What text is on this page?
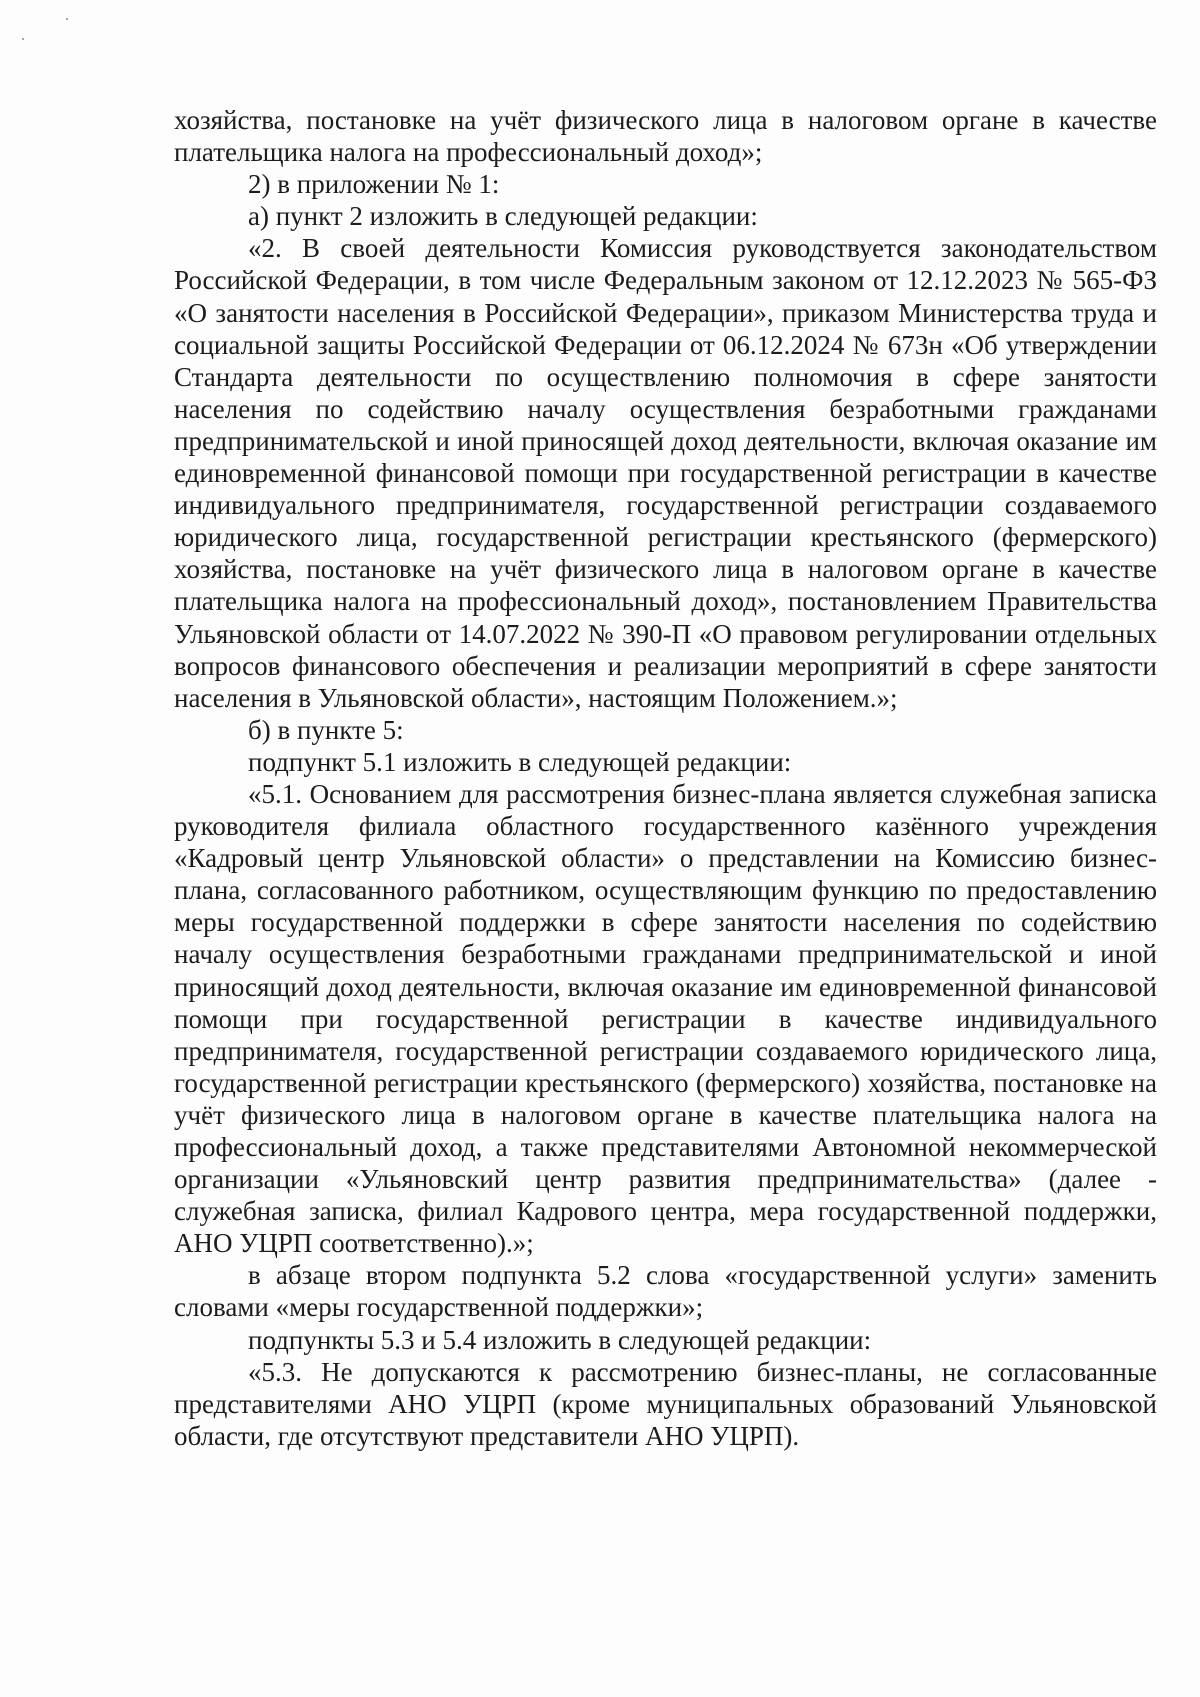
хозяйства, постановке на учёт физического лица в налоговом органе в качестве плательщика налога на профессиональный доход»;

2) в приложении № 1:

а) пункт 2 изложить в следующей редакции:

«2. В своей деятельности Комиссия руководствуется законодательством Российской Федерации, в том числе Федеральным законом от 12.12.2023 № 565-ФЗ «О занятости населения в Российской Федерации», приказом Министерства труда и социальной защиты Российской Федерации от 06.12.2024 № 673н «Об утверждении Стандарта деятельности по осуществлению полномочия в сфере занятости населения по содействию началу осуществления безработными гражданами предпринимательской и иной приносящей доход деятельности, включая оказание им единовременной финансовой помощи при государственной регистрации в качестве индивидуального предпринимателя, государственной регистрации создаваемого юридического лица, государственной регистрации крестьянского (фермерского) хозяйства, постановке на учёт физического лица в налоговом органе в качестве плательщика налога на профессиональный доход», постановлением Правительства Ульяновской области от 14.07.2022 № 390-П «О правовом регулировании отдельных вопросов финансового обеспечения и реализации мероприятий в сфере занятости населения в Ульяновской области», настоящим Положением.»;

б) в пункте 5:

подпункт 5.1 изложить в следующей редакции:

«5.1. Основанием для рассмотрения бизнес-плана является служебная записка руководителя филиала областного государственного казённого учреждения «Кадровый центр Ульяновской области» о представлении на Комиссию бизнес-плана, согласованного работником, осуществляющим функцию по предоставлению меры государственной поддержки в сфере занятости населения по содействию началу осуществления безработными гражданами предпринимательской и иной приносящий доход деятельности, включая оказание им единовременной финансовой помощи при государственной регистрации в качестве индивидуального предпринимателя, государственной регистрации создаваемого юридического лица, государственной регистрации крестьянского (фермерского) хозяйства, постановке на учёт физического лица в налоговом органе в качестве плательщика налога на профессиональный доход, а также представителями Автономной некоммерческой организации «Ульяновский центр развития предпринимательства» (далее - служебная записка, филиал Кадрового центра, мера государственной поддержки, АНО УЦРП соответственно).»;

в абзаце втором подпункта 5.2 слова «государственной услуги» заменить словами «меры государственной поддержки»;

подпункты 5.3 и 5.4 изложить в следующей редакции:

«5.3. Не допускаются к рассмотрению бизнес-планы, не согласованные представителями АНО УЦРП (кроме муниципальных образований Ульяновской области, где отсутствуют представители АНО УЦРП).
